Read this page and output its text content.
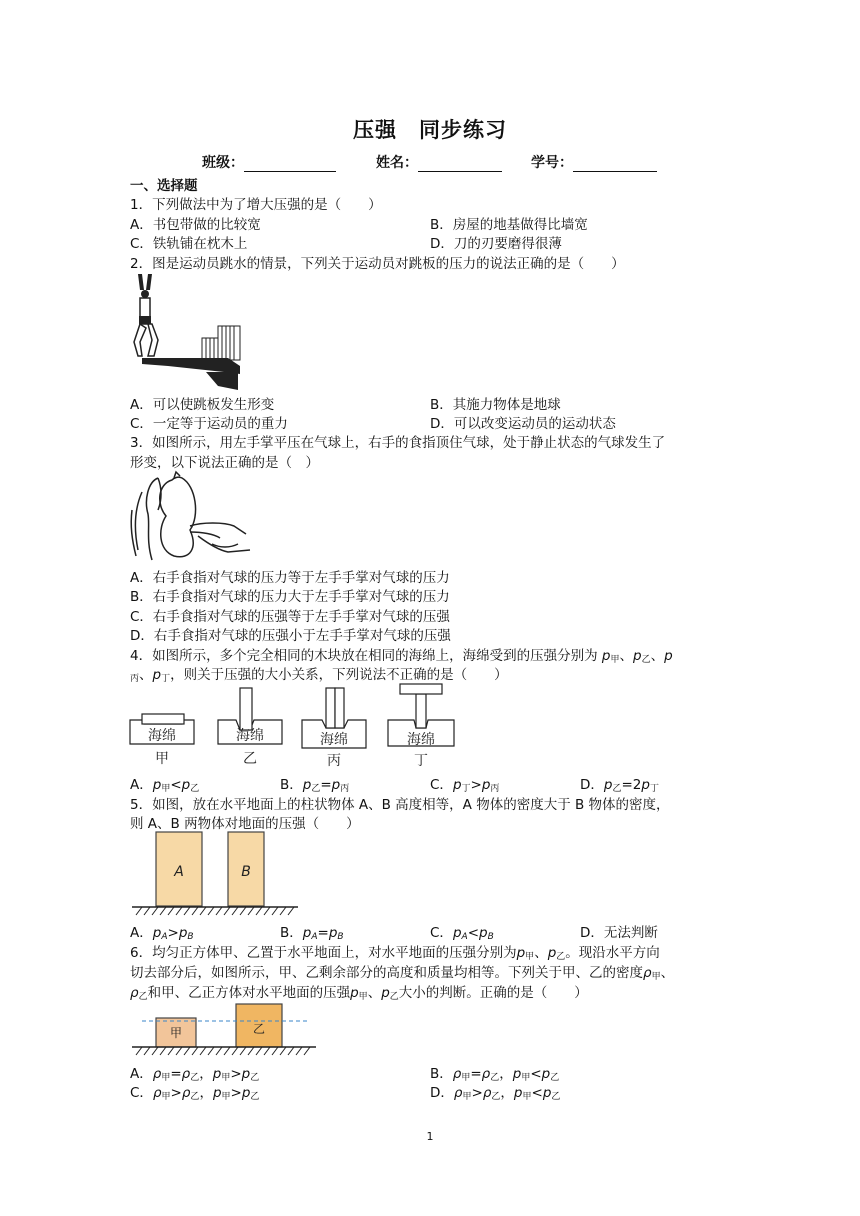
压强　同步练习
班级：	姓名：	学号：
一、选择题
1．下列做法中为了增大压强的是（　　）
A．书包带做的比较宽	B．房屋的地基做得比墙宽
C．铁轨铺在枕木上	D．刀的刃要磨得很薄
2．图是运动员跳水的情景，下列关于运动员对跳板的压力的说法正确的是（　　）
A．可以使跳板发生形变	B．其施力物体是地球
C．一定等于运动员的重力	D．可以改变运动员的运动状态
3．如图所示，用左手掌平压在气球上，右手的食指顶住气球，处于静止状态的气球发生了
形变，以下说法正确的是（　）
A．右手食指对气球的压力等于左手手掌对气球的压力
B．右手食指对气球的压力大于左手手掌对气球的压力
C．右手食指对气球的压强等于左手手掌对气球的压强
D．右手食指对气球的压强小于左手手掌对气球的压强
4．如图所示，多个完全相同的木块放在相同的海绵上，海绵受到的压强分别为 $p_甲$、$p_乙$、p
$_丙$、$p_丁$，则关于压强的大小关系，下列说法不正确的是（　　）
海绵	海绵	海绵	海绵
甲	乙	丙	丁
A．$p_甲<p_乙$	B．$p_乙=p_丙$	C．$p_丁>p_丙$	D．$p_乙=2p_丁$
5．如图，放在水平地面上的柱状物体 A、B 高度相等，A 物体的密度大于 B 物体的密度，
则 A、B 两物体对地面的压强（　　）
A	B
A．$p_A>p_B$	B．$p_A=p_B$	C．$p_A<p_B$	D．无法判断
6．均匀正方体甲、乙置于水平地面上，对水平地面的压强分别为$p_甲$、$p_乙$。现沿水平方向
切去部分后，如图所示，甲、乙剩余部分的高度和质量均相等。下列关于甲、乙的密度$\rho_甲$、
$\rho_乙$和甲、乙正方体对水平地面的压强$p_甲$、$p_乙$大小的判断。正确的是（　　）
甲	乙
A．$\rho_甲=\rho_乙$，$p_甲>p_乙$	B．$\rho_甲=\rho_乙$，$p_甲<p_乙$
C．$\rho_甲>\rho_乙$，$p_甲>p_乙$	D．$\rho_甲>\rho_乙$，$p_甲<p_乙$
1
